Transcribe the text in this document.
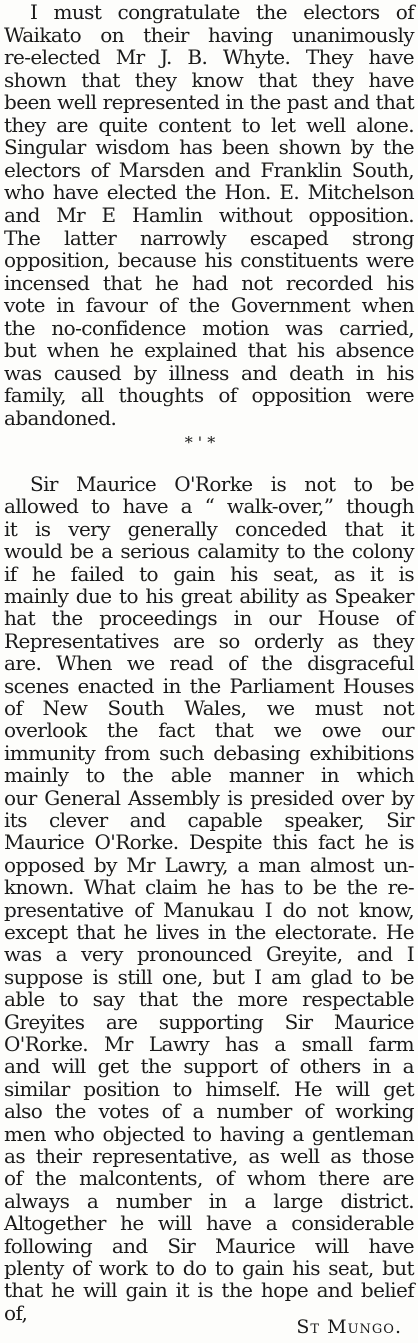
I must congratulate the electors of
Waikato on their having unanimously
re-elected Mr J. B. Whyte. They have
shown that they know that they have
been well represented in the past and that
they are quite content to let well alone.
Singular wisdom has been shown by the
electors of Marsden and Franklin South,
who have elected the Hon. E. Mitchelson
and Mr E Hamlin without opposition.
The latter narrowly escaped strong
opposition, because his constituents were
incensed that he had not recorded his
vote in favour of the Government when
the no-confidence motion was carried,
but when he explained that his absence
was caused by illness and death in his
family, all thoughts of opposition were
abandoned.
* ' *
Sir Maurice O'Rorke is not to be
allowed to have a “ walk-over,” though
it is very generally conceded that it
would be a serious calamity to the colony
if he failed to gain his seat, as it is
mainly due to his great ability as Speaker
hat the proceedings in our House of
Representatives are so orderly as they
are. When we read of the disgraceful
scenes enacted in the Parliament Houses
of New South Wales, we must not
overlook the fact that we owe our
immunity from such debasing exhibitions
mainly to the able manner in which
our General Assembly is presided over by
its clever and capable speaker, Sir
Maurice O'Rorke. Despite this fact he is
opposed by Mr Lawry, a man almost un-
known. What claim he has to be the re-
presentative of Manukau I do not know,
except that he lives in the electorate. He
was a very pronounced Greyite, and I
suppose is still one, but I am glad to be
able to say that the more respectable
Greyites are supporting Sir Maurice
O'Rorke. Mr Lawry has a small farm
and will get the support of others in a
similar position to himself. He will get
also the votes of a number of working
men who objected to having a gentleman
as their representative, as well as those
of the malcontents, of whom there are
always a number in a large district.
Altogether he will have a considerable
following and Sir Maurice will have
plenty of work to do to gain his seat, but
that he will gain it is the hope and belief
of,
St Mungo.
